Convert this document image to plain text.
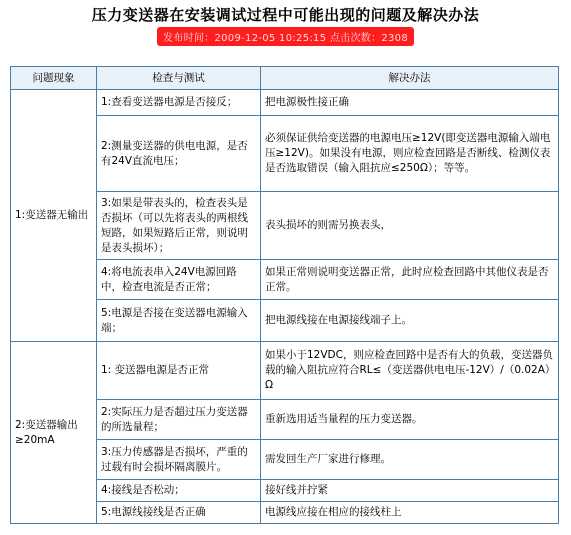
压力变送器在安装调试过程中可能出现的问题及解决办法
发布时间：2009-12-05 10:25:15 点击次数：2308
问题现象	检查与测试	解决办法
1:变送器无输出	1:查看变送器电源是否接反；	把电源极性接正确
	2:测量变送器的供电电源，是否有24V直流电压；	必须保证供给变送器的电源电压≥12V(即变送器电源输入端电压≥12V)。如果没有电源，则应检查回路是否断线、检测仪表是否选取错误（输入阻抗应≤250Ω）；等等。
	3:如果是带表头的，检查表头是否损坏（可以先将表头的两根线短路，如果短路后正常，则说明是表头损坏）；	表头损坏的则需另换表头，
	4:将电流表串入24V电源回路中，检查电流是否正常；	如果正常则说明变送器正常，此时应检查回路中其他仪表是否正常。
	5:电源是否接在变送器电源输入端；	把电源线接在电源接线端子上。
2:变送器输出≥20mA	1: 变送器电源是否正常	如果小于12VDC，则应检查回路中是否有大的负载，变送器负载的输入阻抗应符合RL≤（变送器供电电压-12V）/（0.02A）Ω
	2:实际压力是否超过压力变送器的所选量程；	重新选用适当量程的压力变送器。
	3:压力传感器是否损坏，严重的过载有时会损坏隔离膜片。	需发回生产厂家进行修理。
	4:接线是否松动；	接好线并拧紧
	5:电源线接线是否正确	电源线应接在相应的接线柱上
